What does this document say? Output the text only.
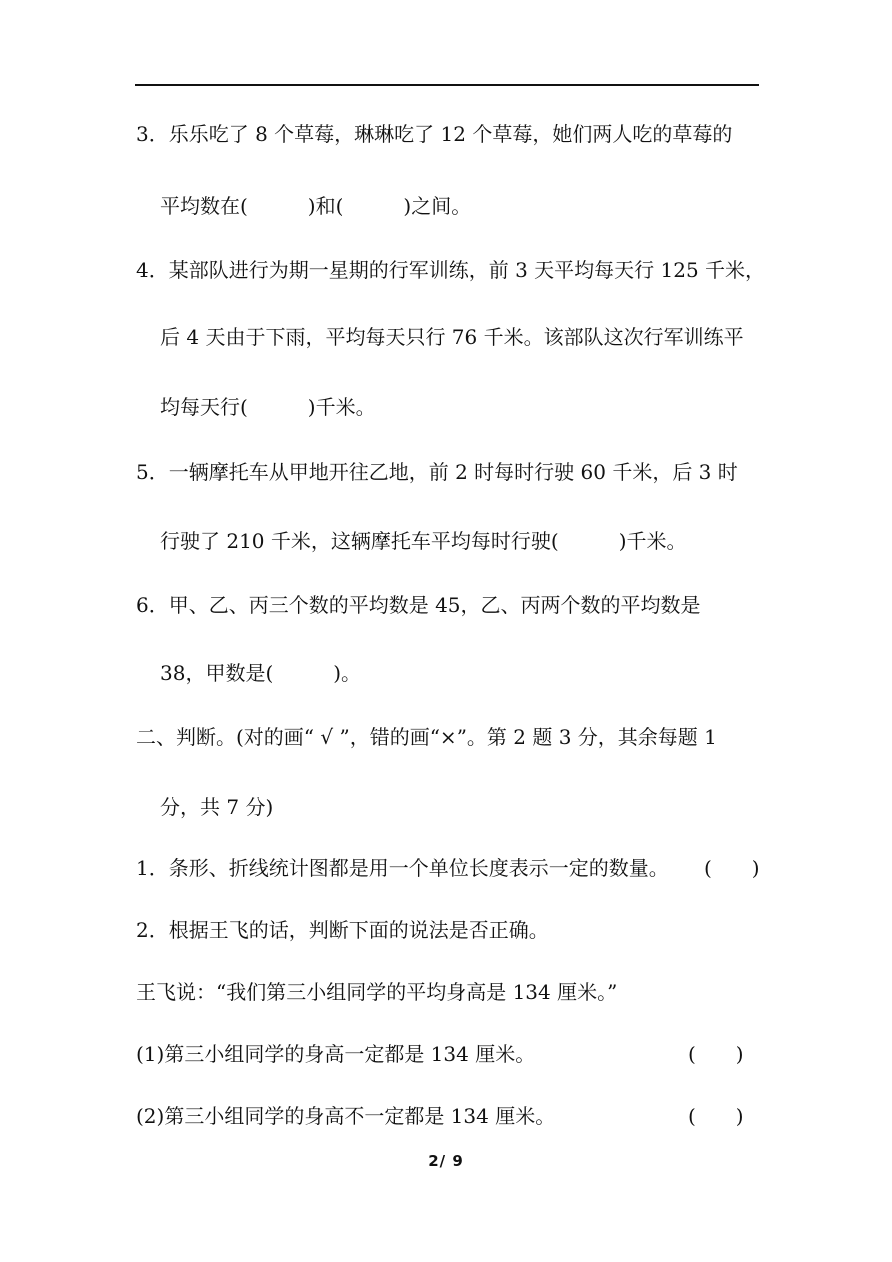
3．乐乐吃了 8 个草莓，琳琳吃了 12 个草莓，她们两人吃的草莓的
平均数在(　　　)和(　　　)之间。
4．某部队进行为期一星期的行军训练，前 3 天平均每天行 125 千米，
后 4 天由于下雨，平均每天只行 76 千米。该部队这次行军训练平
均每天行(　　　)千米。
5．一辆摩托车从甲地开往乙地，前 2 时每时行驶 60 千米，后 3 时
行驶了 210 千米，这辆摩托车平均每时行驶(　　　)千米。
6．甲、乙、丙三个数的平均数是 45，乙、丙两个数的平均数是
38，甲数是(　　　)。
二、判断。(对的画“ √ ”，错的画“×”。第 2 题 3 分，其余每题 1
分，共 7 分)
1．条形、折线统计图都是用一个单位长度表示一定的数量。 (　　)
2．根据王飞的话，判断下面的说法是否正确。
王飞说：“我们第三小组同学的平均身高是 134 厘米。”
(1)第三小组同学的身高一定都是 134 厘米。	(　　)
(2)第三小组同学的身高不一定都是 134 厘米。	(　　)
2/ 9
